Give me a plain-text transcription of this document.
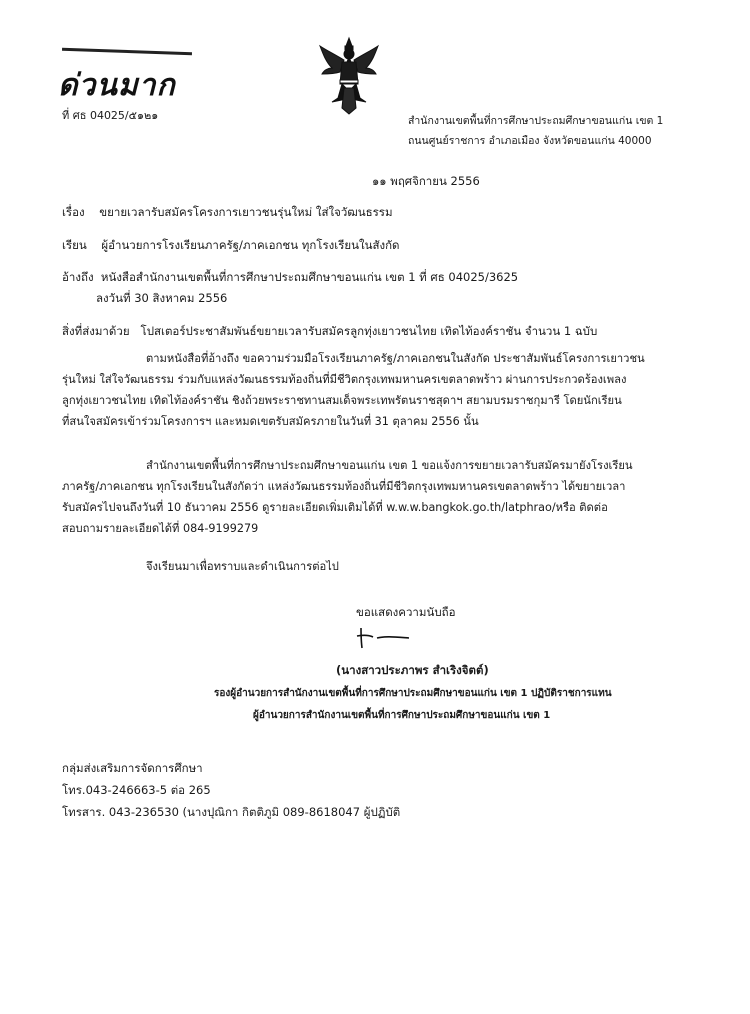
ด่วนมาก
ที่ ศธ 04025/๕๑๒๑	สำนักงานเขตพื้นที่การศึกษาประถมศึกษาขอนแก่น เขต 1
ถนนศูนย์ราชการ อำเภอเมือง จังหวัดขอนแก่น 40000
๑๑ พฤศจิกายน 2556
เรื่อง ขยายเวลารับสมัครโครงการเยาวชนรุ่นใหม่ ใส่ใจวัฒนธรรม
เรียน ผู้อำนวยการโรงเรียนภาครัฐ/ภาคเอกชน ทุกโรงเรียนในสังกัด
อ้างถึง หนังสือสำนักงานเขตพื้นที่การศึกษาประถมศึกษาขอนแก่น เขต 1 ที่ ศธ 04025/3625
ลงวันที่ 30 สิงหาคม 2556
สิ่งที่ส่งมาด้วย โปสเตอร์ประชาสัมพันธ์ขยายเวลารับสมัครลูกทุ่งเยาวชนไทย เทิดไท้องค์ราชัน จำนวน 1 ฉบับ

ตามหนังสือที่อ้างถึง ขอความร่วมมือโรงเรียนภาครัฐ/ภาคเอกชนในสังกัด ประชาสัมพันธ์โครงการเยาวชน

รุ่นใหม่ ใส่ใจวัฒนธรรม ร่วมกับแหล่งวัฒนธรรมท้องถิ่นที่มีชีวิตกรุงเทพมหานครเขตลาดพร้าว ผ่านการประกวดร้องเพลง

ลูกทุ่งเยาวชนไทย เทิดไท้องค์ราชัน ชิงถ้วยพระราชทานสมเด็จพระเทพรัตนราชสุดาฯ สยามบรมราชกุมารี โดยนักเรียน

ที่สนใจสมัครเข้าร่วมโครงการฯ และหมดเขตรับสมัครภายในวันที่ 31 ตุลาคม 2556 นั้น

สำนักงานเขตพื้นที่การศึกษาประถมศึกษาขอนแก่น เขต 1 ขอแจ้งการขยายเวลารับสมัครมายังโรงเรียน

ภาครัฐ/ภาคเอกชน ทุกโรงเรียนในสังกัดว่า แหล่งวัฒนธรรมท้องถิ่นที่มีชีวิตกรุงเทพมหานครเขตลาดพร้าว ได้ขยายเวลา

รับสมัครไปจนถึงวันที่ 10 ธันวาคม 2556 ดูรายละเอียดเพิ่มเติมได้ที่ w.w.w.bangkok.go.th/latphrao/หรือ ติดต่อ

สอบถามรายละเอียดได้ที่ 084-9199279

จึงเรียนมาเพื่อทราบและดำเนินการต่อไป

ขอแสดงความนับถือ
(นางสาวประภาพร สำเริงจิตต์)
รองผู้อำนวยการสำนักงานเขตพื้นที่การศึกษาประถมศึกษาขอนแก่น เขต 1 ปฏิบัติราชการแทน
ผู้อำนวยการสำนักงานเขตพื้นที่การศึกษาประถมศึกษาขอนแก่น เขต 1
กลุ่มส่งเสริมการจัดการศึกษา
โทร.043-246663-5 ต่อ 265
โทรสาร. 043-236530 (นางปุณิกา กิตติภูมิ 089-8618047 ผู้ปฏิบัติ
